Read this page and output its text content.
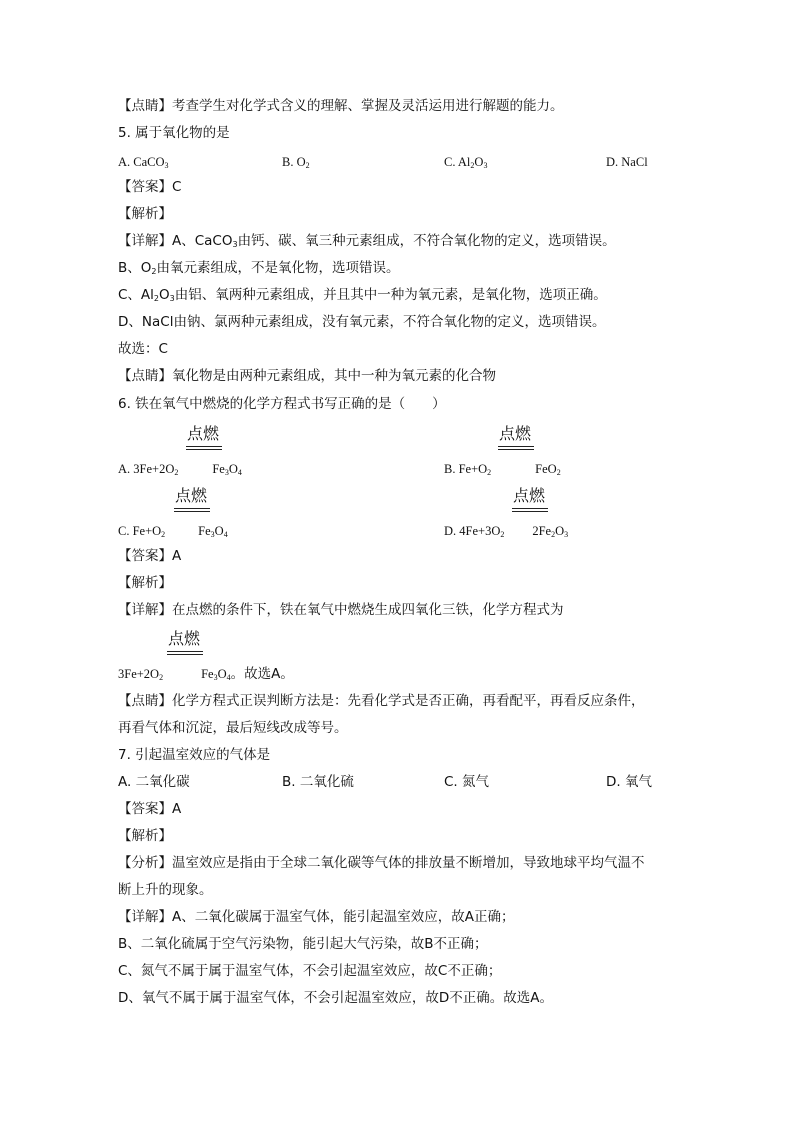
【点睛】考查学生对化学式含义的理解、掌握及灵活运用进行解题的能力。
5. 属于氧化物的是
A. CaCO$_3$	B. $O_2$	C. $Al_2O_3$	D. NaCl
【答案】C
【解析】
【详解】A、CaCO$_3$由钙、碳、氧三种元素组成，不符合氧化物的定义，选项错误。
B、$O_2$由氧元素组成，不是氧化物，选项错误。
C、$Al_2O_3$由铝、氧两种元素组成，并且其中一种为氧元素，是氧化物，选项正确。
D、NaCl由钠、氯两种元素组成，没有氧元素，不符合氧化物的定义，选项错误。
故选：C
【点睛】氧化物是由两种元素组成，其中一种为氧元素的化合物
6. 铁在氧气中燃烧的化学方程式书写正确的是（　　）
点燃
A. $3Fe+2O_2$	$Fe_3O_4$
点燃
B. $Fe+O_2$	FeO$_2$
点燃
C. $Fe+O_2$	$Fe_3O_4$
点燃
D. $4Fe+3O_2$ $2Fe_2O_3$
【答案】A
【解析】
【详解】在点燃的条件下，铁在氧气中燃烧生成四氧化三铁，化学方程式为
点燃
$3Fe+2O_2$	$Fe_3O_4$。故选A。
【点睛】化学方程式正误判断方法是：先看化学式是否正确，再看配平，再看反应条件，
再看气体和沉淀，最后短线改成等号。
7. 引起温室效应的气体是
A. 二氧化碳	B. 二氧化硫	C. 氮气	D. 氧气
【答案】A
【解析】
【分析】温室效应是指由于全球二氧化碳等气体的排放量不断增加，导致地球平均气温不
断上升的现象。
【详解】A、二氧化碳属于温室气体，能引起温室效应，故A正确；
B、二氧化硫属于空气污染物，能引起大气污染，故B不正确；
C、氮气不属于属于温室气体，不会引起温室效应，故C不正确；
D、氧气不属于属于温室气体，不会引起温室效应，故D不正确。故选A。
